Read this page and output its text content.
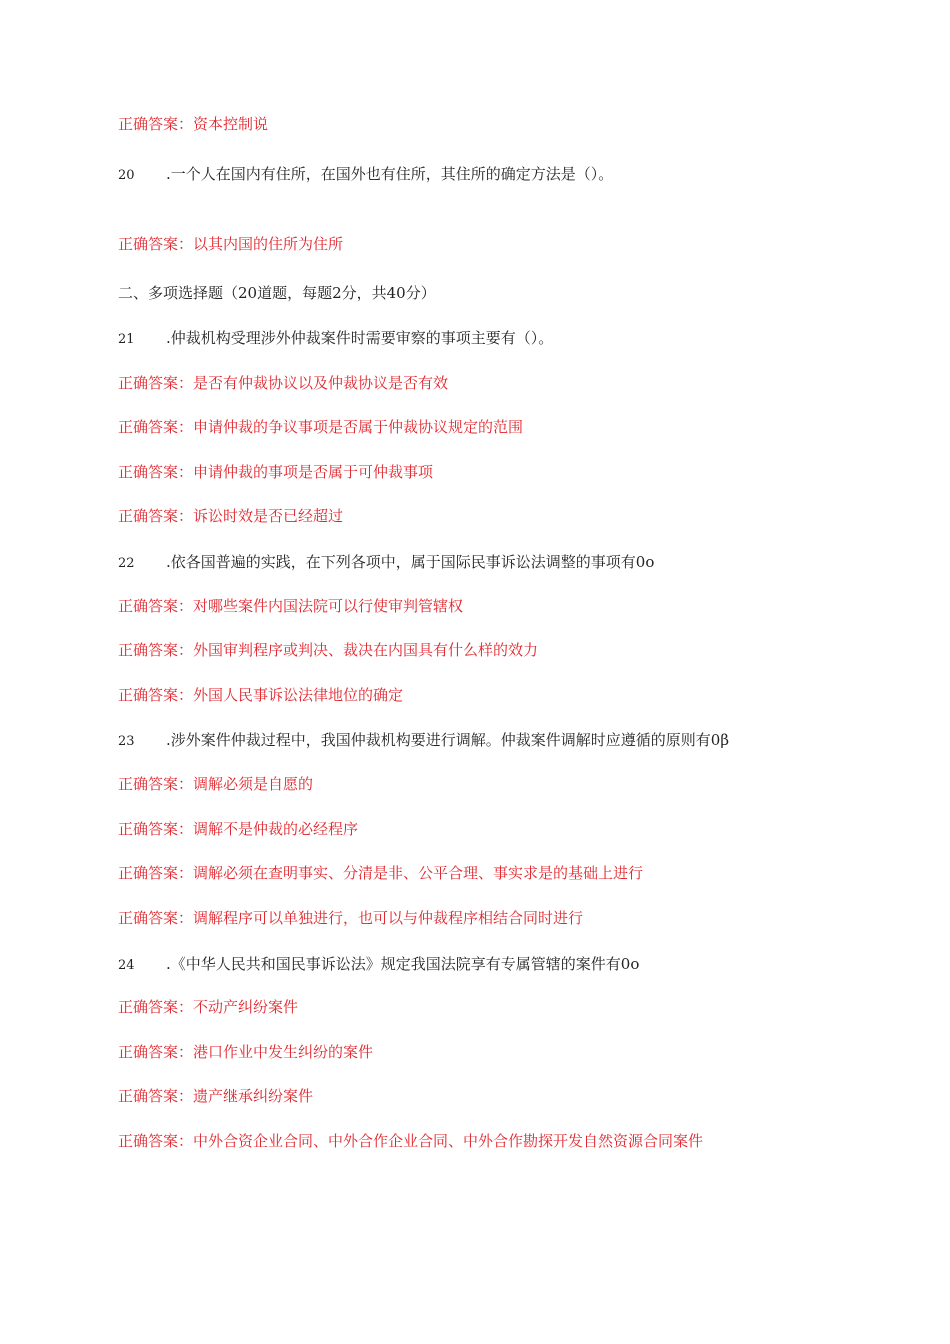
正确答案：资本控制说
20 .一个人在国内有住所，在国外也有住所，其住所的确定方法是（）。
正确答案：以其内国的住所为住所
二、多项选择题（20道题，每题2分，共40分）
21 .仲裁机构受理涉外仲裁案件时需要审察的事项主要有（）。
正确答案：是否有仲裁协议以及仲裁协议是否有效
正确答案：申请仲裁的争议事项是否属于仲裁协议规定的范围
正确答案：申请仲裁的事项是否属于可仲裁事项
正确答案：诉讼时效是否已经超过
22 .依各国普遍的实践，在下列各项中，属于国际民事诉讼法调整的事项有0o
正确答案：对哪些案件内国法院可以行使审判管辖权
正确答案：外国审判程序或判决、裁决在内国具有什么样的效力
正确答案：外国人民事诉讼法律地位的确定
23 .涉外案件仲裁过程中，我国仲裁机构要进行调解。仲裁案件调解时应遵循的原则有0β
正确答案：调解必须是自愿的
正确答案：调解不是仲裁的必经程序
正确答案：调解必须在查明事实、分清是非、公平合理、事实求是的基础上进行
正确答案：调解程序可以单独进行，也可以与仲裁程序相结合同时进行
24 .《中华人民共和国民事诉讼法》规定我国法院享有专属管辖的案件有0o
正确答案：不动产纠纷案件
正确答案：港口作业中发生纠纷的案件
正确答案：遗产继承纠纷案件
正确答案：中外合资企业合同、中外合作企业合同、中外合作勘探开发自然资源合同案件
